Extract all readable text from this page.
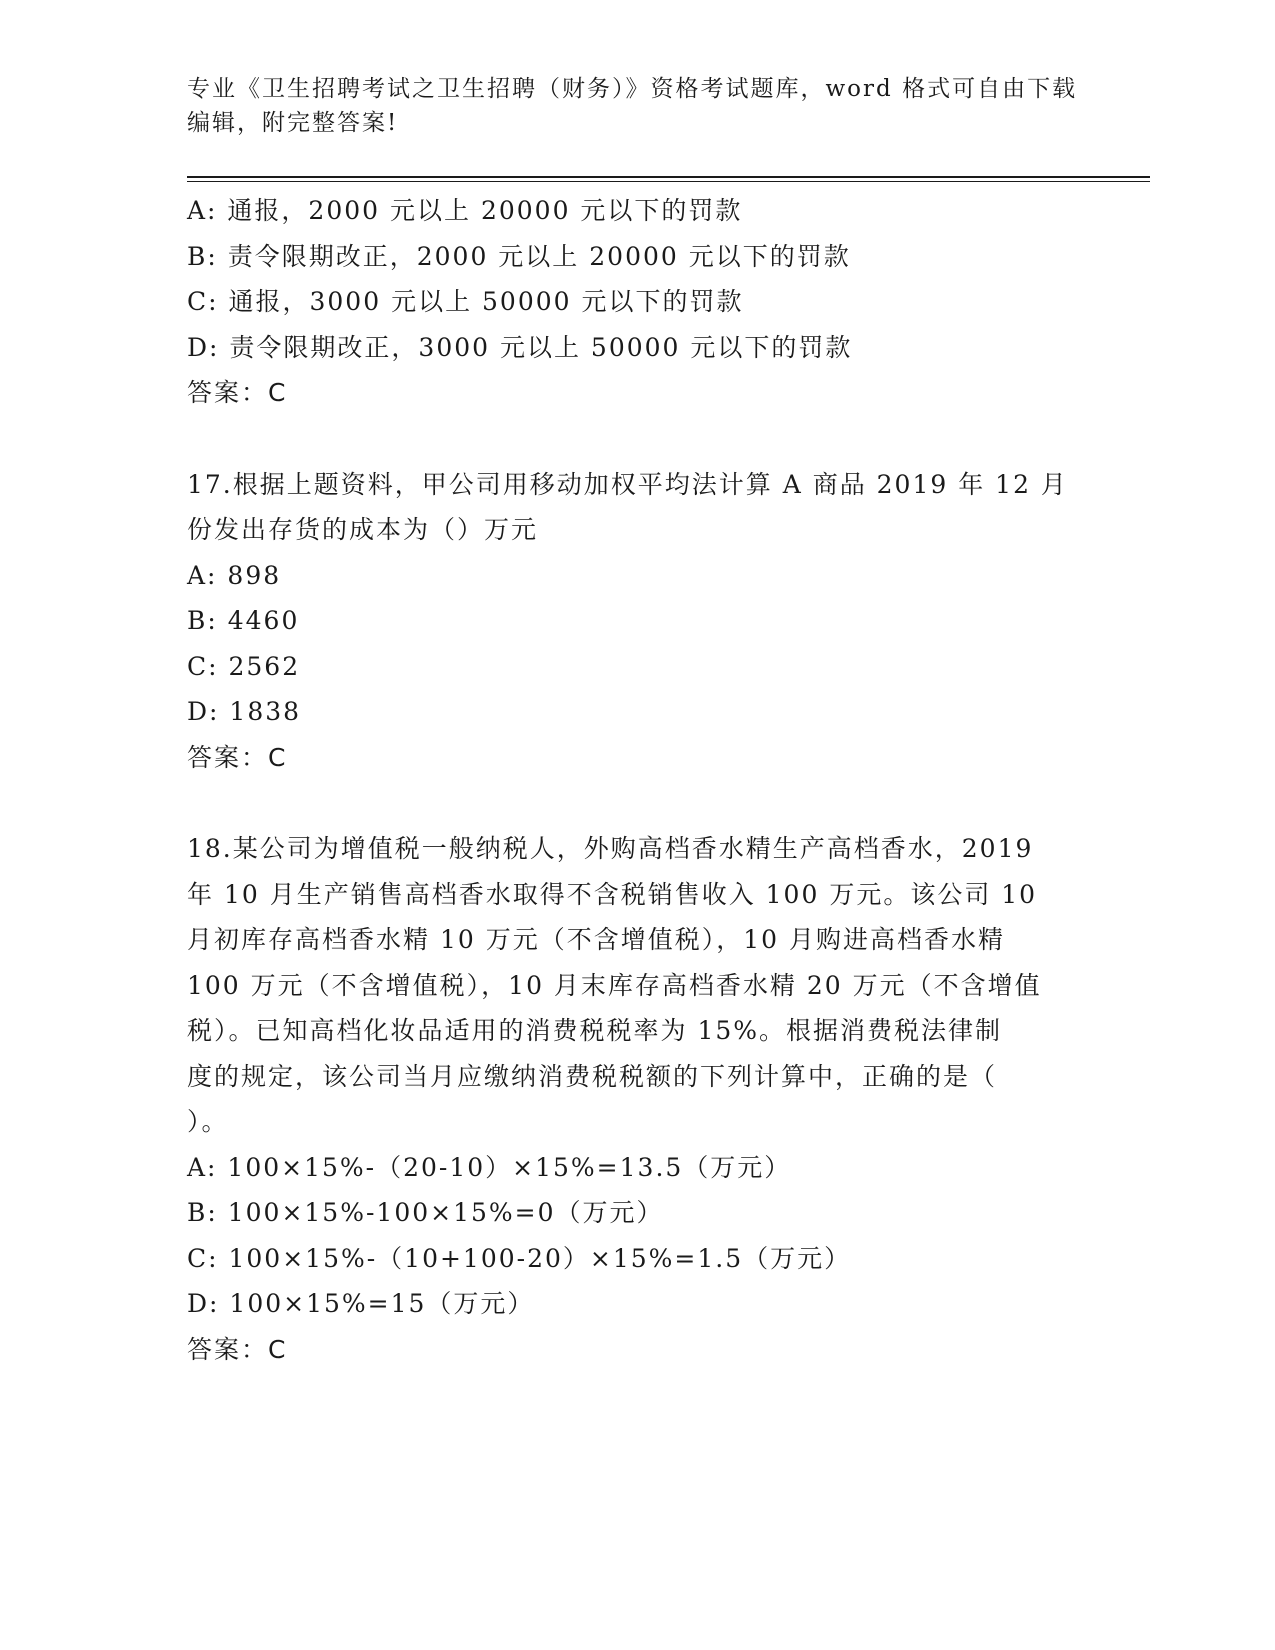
专业《卫生招聘考试之卫生招聘（财务）》资格考试题库，word 格式可自由下载
编辑，附完整答案!
A: 通报，2000 元以上 20000 元以下的罚款
B: 责令限期改正，2000 元以上 20000 元以下的罚款
C: 通报，3000 元以上 50000 元以下的罚款
D: 责令限期改正，3000 元以上 50000 元以下的罚款
答案：C
17.根据上题资料，甲公司用移动加权平均法计算 A 商品 2019 年 12 月
份发出存货的成本为（）万元
A: 898
B: 4460
C: 2562
D: 1838
答案：C
18.某公司为增值税一般纳税人，外购高档香水精生产高档香水，2019
年 10 月生产销售高档香水取得不含税销售收入 100 万元。该公司 10
月初库存高档香水精 10 万元（不含增值税），10 月购进高档香水精
100 万元（不含增值税），10 月末库存高档香水精 20 万元（不含增值
税）。已知高档化妆品适用的消费税税率为 15%。根据消费税法律制
度的规定，该公司当月应缴纳消费税税额的下列计算中，正确的是（
）。
A: 100×15%-（20-10）×15%=13.5（万元）
B: 100×15%-100×15%=0（万元）
C: 100×15%-（10+100-20）×15%=1.5（万元）
D: 100×15%=15（万元）
答案：C
